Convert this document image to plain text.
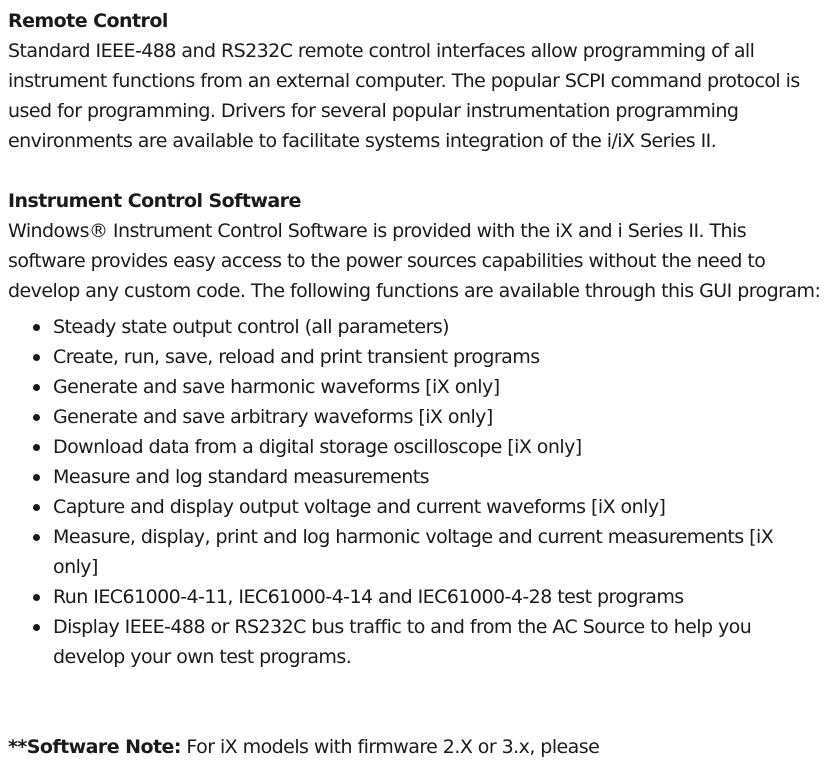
Remote Control

Standard IEEE-488 and RS232C remote control interfaces allow programming of all instrument functions from an external computer. The popular SCPI command protocol is used for programming. Drivers for several popular instrumentation programming environments are available to facilitate systems integration of the i/iX Series II.

Instrument Control Software

Windows® Instrument Control Software is provided with the iX and i Series II. This software provides easy access to the power sources capabilities without the need to develop any custom code. The following functions are available through this GUI program:

Steady state output control (all parameters)
Create, run, save, reload and print transient programs
Generate and save harmonic waveforms [iX only]
Generate and save arbitrary waveforms [iX only]
Download data from a digital storage oscilloscope [iX only]
Measure and log standard measurements
Capture and display output voltage and current waveforms [iX only]
Measure, display, print and log harmonic voltage and current measurements [iX only]
Run IEC61000-4-11, IEC61000-4-14 and IEC61000-4-28 test programs
Display IEEE-488 or RS232C bus traffic to and from the AC Source to help you develop your own test programs.

**Software Note: For iX models with firmware 2.X or 3.x, please
